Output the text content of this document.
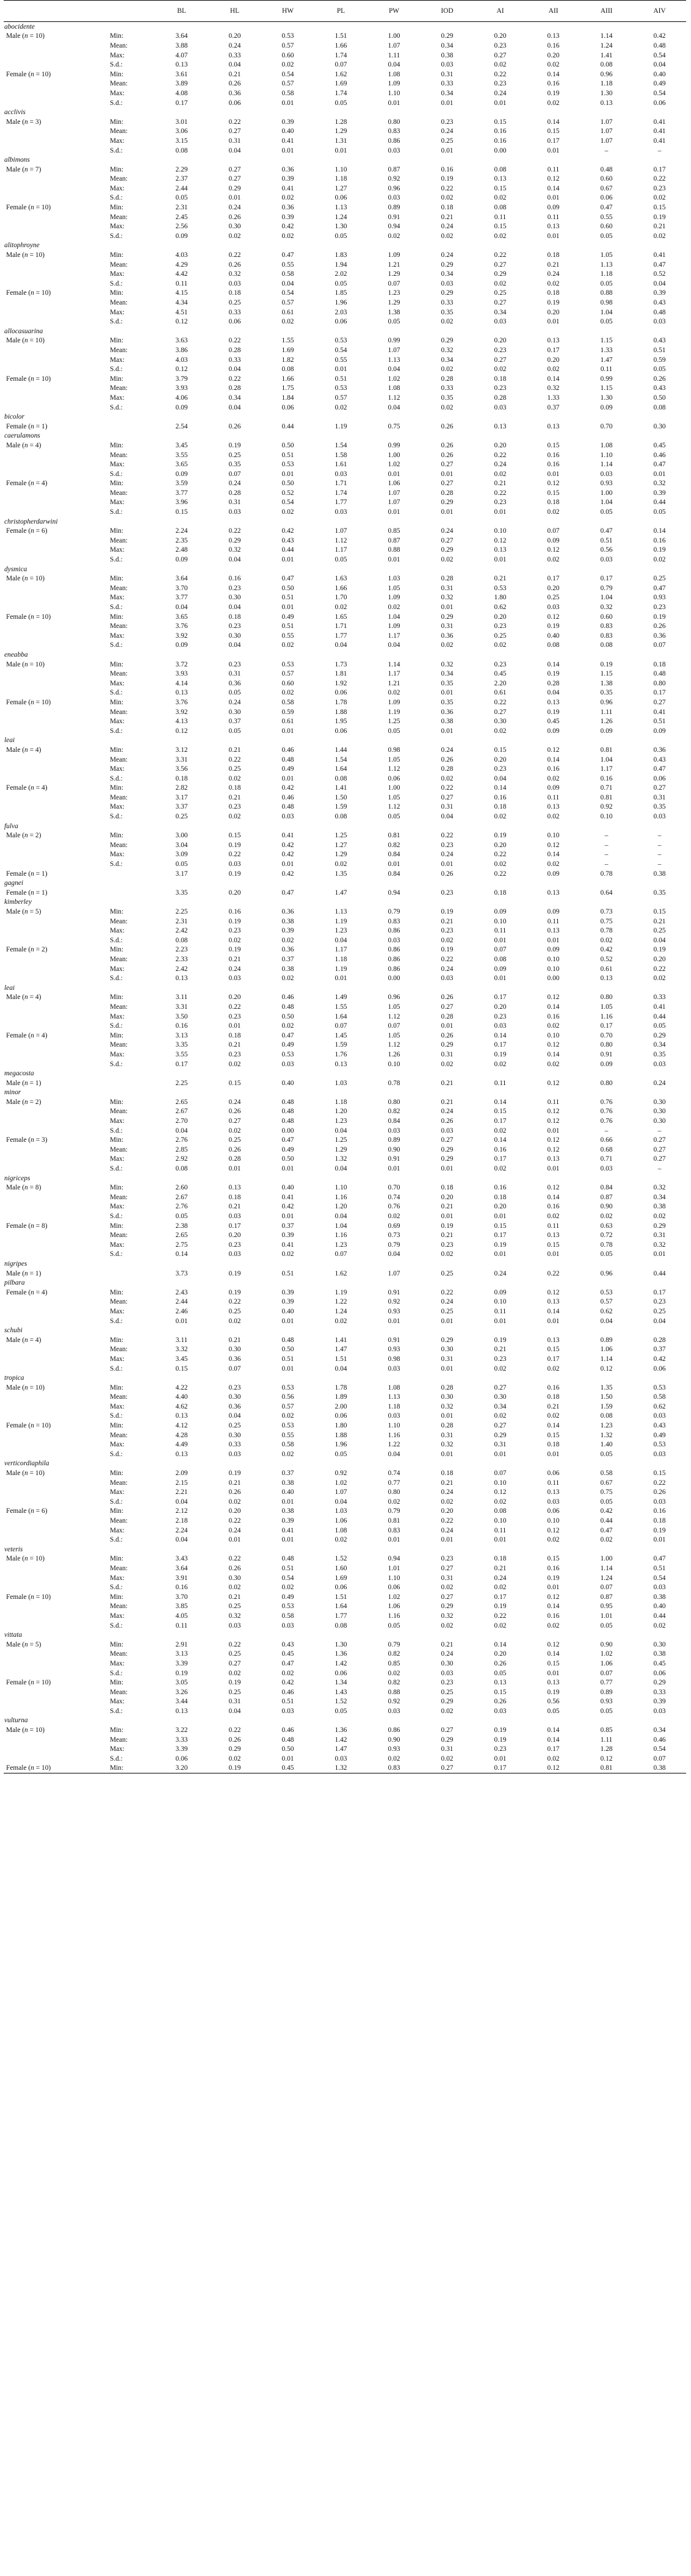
		BL	HL	HW	PL	PW	IOD	AI	AII	AIII	AIV
abocidente											
Male (n = 10)	Min:	3.64	0.20	0.53	1.51	1.00	0.29	0.20	0.13	1.14	0.42
	Mean:	3.88	0.24	0.57	1.66	1.07	0.34	0.23	0.16	1.24	0.48
	Max:	4.07	0.33	0.60	1.74	1.11	0.38	0.27	0.20	1.41	0.54
	S.d.:	0.13	0.04	0.02	0.07	0.04	0.03	0.02	0.02	0.08	0.04
Female (n = 10)	Min:	3.61	0.21	0.54	1.62	1.08	0.31	0.22	0.14	0.96	0.40
	Mean:	3.89	0.26	0.57	1.69	1.09	0.33	0.23	0.16	1.18	0.49
	Max:	4.08	0.36	0.58	1.74	1.10	0.34	0.24	0.19	1.30	0.54
	S.d.:	0.17	0.06	0.01	0.05	0.01	0.01	0.01	0.02	0.13	0.06
acclivis											
Male (n = 3)	Min:	3.01	0.22	0.39	1.28	0.80	0.23	0.15	0.14	1.07	0.41
	Mean:	3.06	0.27	0.40	1.29	0.83	0.24	0.16	0.15	1.07	0.41
	Max:	3.15	0.31	0.41	1.31	0.86	0.25	0.16	0.17	1.07	0.41
	S.d.:	0.08	0.04	0.01	0.01	0.03	0.01	0.00	0.01	–	–
albimons											
Male (n = 7)	Min:	2.29	0.27	0.36	1.10	0.87	0.16	0.08	0.11	0.48	0.17
	Mean:	2.37	0.27	0.39	1.18	0.92	0.19	0.13	0.12	0.60	0.22
	Max:	2.44	0.29	0.41	1.27	0.96	0.22	0.15	0.14	0.67	0.23
	S.d.:	0.05	0.01	0.02	0.06	0.03	0.02	0.02	0.01	0.06	0.02
Female (n = 10)	Min:	2.31	0.24	0.36	1.13	0.89	0.18	0.08	0.09	0.47	0.15
	Mean:	2.45	0.26	0.39	1.24	0.91	0.21	0.11	0.11	0.55	0.19
	Max:	2.56	0.30	0.42	1.30	0.94	0.24	0.15	0.13	0.60	0.21
	S.d.:	0.09	0.02	0.02	0.05	0.02	0.02	0.02	0.01	0.05	0.02
alitophroyne											
Male (n = 10)	Min:	4.03	0.22	0.47	1.83	1.09	0.24	0.22	0.18	1.05	0.41
	Mean:	4.29	0.26	0.55	1.94	1.21	0.29	0.27	0.21	1.13	0.47
	Max:	4.42	0.32	0.58	2.02	1.29	0.34	0.29	0.24	1.18	0.52
	S.d.:	0.11	0.03	0.04	0.05	0.07	0.03	0.02	0.02	0.05	0.04
Female (n = 10)	Min:	4.15	0.18	0.54	1.85	1.23	0.29	0.25	0.18	0.88	0.39
	Mean:	4.34	0.25	0.57	1.96	1.29	0.33	0.27	0.19	0.98	0.43
	Max:	4.51	0.33	0.61	2.03	1.38	0.35	0.34	0.20	1.04	0.48
	S.d.:	0.12	0.06	0.02	0.06	0.05	0.02	0.03	0.01	0.05	0.03
allocasuarina											
Male (n = 10)	Min:	3.63	0.22	1.55	0.53	0.99	0.29	0.20	0.13	1.15	0.43
	Mean:	3.86	0.28	1.69	0.54	1.07	0.32	0.23	0.17	1.33	0.51
	Max:	4.03	0.33	1.82	0.55	1.13	0.34	0.27	0.20	1.47	0.59
	S.d.:	0.12	0.04	0.08	0.01	0.04	0.02	0.02	0.02	0.11	0.05
Female (n = 10)	Min:	3.79	0.22	1.66	0.51	1.02	0.28	0.18	0.14	0.99	0.26
	Mean:	3.93	0.28	1.75	0.53	1.08	0.33	0.23	0.32	1.15	0.43
	Max:	4.06	0.34	1.84	0.57	1.12	0.35	0.28	1.33	1.30	0.50
	S.d.:	0.09	0.04	0.06	0.02	0.04	0.02	0.03	0.37	0.09	0.08
bicolor											
Female (n = 1)		2.54	0.26	0.44	1.19	0.75	0.26	0.13	0.13	0.70	0.30
caerulamons											
Male (n = 4)	Min:	3.45	0.19	0.50	1.54	0.99	0.26	0.20	0.15	1.08	0.45
	Mean:	3.55	0.25	0.51	1.58	1.00	0.26	0.22	0.16	1.10	0.46
	Max:	3.65	0.35	0.53	1.61	1.02	0.27	0.24	0.16	1.14	0.47
	S.d.:	0.09	0.07	0.01	0.03	0.01	0.01	0.02	0.01	0.03	0.01
Female (n = 4)	Min:	3.59	0.24	0.50	1.71	1.06	0.27	0.21	0.12	0.93	0.32
	Mean:	3.77	0.28	0.52	1.74	1.07	0.28	0.22	0.15	1.00	0.39
	Max:	3.96	0.31	0.54	1.77	1.07	0.29	0.23	0.18	1.04	0.44
	S.d.:	0.15	0.03	0.02	0.03	0.01	0.01	0.01	0.02	0.05	0.05
christopherdarwini											
Female (n = 6)	Min:	2.24	0.22	0.42	1.07	0.85	0.24	0.10	0.07	0.47	0.14
	Mean:	2.35	0.29	0.43	1.12	0.87	0.27	0.12	0.09	0.51	0.16
	Max:	2.48	0.32	0.44	1.17	0.88	0.29	0.13	0.12	0.56	0.19
	S.d.:	0.09	0.04	0.01	0.05	0.01	0.02	0.01	0.02	0.03	0.02
dysmica											
Male (n = 10)	Min:	3.64	0.16	0.47	1.63	1.03	0.28	0.21	0.17	0.17	0.25
	Mean:	3.70	0.23	0.50	1.66	1.05	0.31	0.53	0.20	0.79	0.47
	Max:	3.77	0.30	0.51	1.70	1.09	0.32	1.80	0.25	1.04	0.93
	S.d.:	0.04	0.04	0.01	0.02	0.02	0.01	0.62	0.03	0.32	0.23
Female (n = 10)	Min:	3.65	0.18	0.49	1.65	1.04	0.29	0.20	0.12	0.60	0.19
	Mean:	3.76	0.23	0.51	1.71	1.09	0.31	0.23	0.19	0.83	0.26
	Max:	3.92	0.30	0.55	1.77	1.17	0.36	0.25	0.40	0.83	0.36
	S.d.:	0.09	0.04	0.02	0.04	0.04	0.02	0.02	0.08	0.08	0.07
eneabba											
Male (n = 10)	Min:	3.72	0.23	0.53	1.73	1.14	0.32	0.23	0.14	0.19	0.18
	Mean:	3.93	0.31	0.57	1.81	1.17	0.34	0.45	0.19	1.15	0.48
	Max:	4.14	0.36	0.60	1.92	1.21	0.35	2.20	0.28	1.38	0.80
	S.d.:	0.13	0.05	0.02	0.06	0.02	0.01	0.61	0.04	0.35	0.17
Female (n = 10)	Min:	3.76	0.24	0.58	1.78	1.09	0.35	0.22	0.13	0.96	0.27
	Mean:	3.92	0.30	0.59	1.88	1.19	0.36	0.27	0.19	1.11	0.41
	Max:	4.13	0.37	0.61	1.95	1.25	0.38	0.30	0.45	1.26	0.51
	S.d.:	0.12	0.05	0.01	0.06	0.05	0.01	0.02	0.09	0.09	0.09
leai											
Male (n = 4)	Min:	3.12	0.21	0.46	1.44	0.98	0.24	0.15	0.12	0.81	0.36
	Mean:	3.31	0.22	0.48	1.54	1.05	0.26	0.20	0.14	1.04	0.43
	Max:	3.56	0.25	0.49	1.64	1.12	0.28	0.23	0.16	1.17	0.47
	S.d.:	0.18	0.02	0.01	0.08	0.06	0.02	0.04	0.02	0.16	0.06
Female (n = 4)	Min:	2.82	0.18	0.42	1.41	1.00	0.22	0.14	0.09	0.71	0.27
	Mean:	3.17	0.21	0.46	1.50	1.05	0.27	0.16	0.11	0.81	0.31
	Max:	3.37	0.23	0.48	1.59	1.12	0.31	0.18	0.13	0.92	0.35
	S.d.:	0.25	0.02	0.03	0.08	0.05	0.04	0.02	0.02	0.10	0.03
fulva											
Male (n = 2)	Min:	3.00	0.15	0.41	1.25	0.81	0.22	0.19	0.10	–	–
	Mean:	3.04	0.19	0.42	1.27	0.82	0.23	0.20	0.12	–	–
	Max:	3.09	0.22	0.42	1.29	0.84	0.24	0.22	0.14	–	–
	S.d.:	0.05	0.03	0.01	0.02	0.01	0.01	0.02	0.02	–	–
Female (n = 1)		3.17	0.19	0.42	1.35	0.84	0.26	0.22	0.09	0.78	0.38
gagnei											
Female (n = 1)		3.35	0.20	0.47	1.47	0.94	0.23	0.18	0.13	0.64	0.35
kimberley											
Male (n = 5)	Min:	2.25	0.16	0.36	1.13	0.79	0.19	0.09	0.09	0.73	0.15
	Mean:	2.31	0.19	0.38	1.19	0.83	0.21	0.10	0.11	0.75	0.21
	Max:	2.42	0.23	0.39	1.23	0.86	0.23	0.11	0.13	0.78	0.25
	S.d.:	0.08	0.02	0.02	0.04	0.03	0.02	0.01	0.01	0.02	0.04
Female (n = 2)	Min:	2.23	0.19	0.36	1.17	0.86	0.19	0.07	0.09	0.42	0.19
	Mean:	2.33	0.21	0.37	1.18	0.86	0.22	0.08	0.10	0.52	0.20
	Max:	2.42	0.24	0.38	1.19	0.86	0.24	0.09	0.10	0.61	0.22
	S.d.:	0.13	0.03	0.02	0.01	0.00	0.03	0.01	0.00	0.13	0.02
leai											
Male (n = 4)	Min:	3.11	0.20	0.46	1.49	0.96	0.26	0.17	0.12	0.80	0.33
	Mean:	3.31	0.22	0.48	1.55	1.05	0.27	0.20	0.14	1.05	0.41
	Max:	3.50	0.23	0.50	1.64	1.12	0.28	0.23	0.16	1.16	0.44
	S.d.:	0.16	0.01	0.02	0.07	0.07	0.01	0.03	0.02	0.17	0.05
Female (n = 4)	Min:	3.13	0.18	0.47	1.45	1.05	0.26	0.14	0.10	0.70	0.29
	Mean:	3.35	0.21	0.49	1.59	1.12	0.29	0.17	0.12	0.80	0.34
	Max:	3.55	0.23	0.53	1.76	1.26	0.31	0.19	0.14	0.91	0.35
	S.d.:	0.17	0.02	0.03	0.13	0.10	0.02	0.02	0.02	0.09	0.03
megacosta											
Male (n = 1)		2.25	0.15	0.40	1.03	0.78	0.21	0.11	0.12	0.80	0.24
minor											
Male (n = 2)	Min:	2.65	0.24	0.48	1.18	0.80	0.21	0.14	0.11	0.76	0.30
	Mean:	2.67	0.26	0.48	1.20	0.82	0.24	0.15	0.12	0.76	0.30
	Max:	2.70	0.27	0.48	1.23	0.84	0.26	0.17	0.12	0.76	0.30
	S.d.:	0.04	0.02	0.00	0.04	0.03	0.03	0.02	0.01	–	–
Female (n = 3)	Min:	2.76	0.25	0.47	1.25	0.89	0.27	0.14	0.12	0.66	0.27
	Mean:	2.85	0.26	0.49	1.29	0.90	0.29	0.16	0.12	0.68	0.27
	Max:	2.92	0.28	0.50	1.32	0.91	0.29	0.17	0.13	0.71	0.27
	S.d.:	0.08	0.01	0.01	0.04	0.01	0.01	0.02	0.01	0.03	–
nigriceps											
Male (n = 8)	Min:	2.60	0.13	0.40	1.10	0.70	0.18	0.16	0.12	0.84	0.32
	Mean:	2.67	0.18	0.41	1.16	0.74	0.20	0.18	0.14	0.87	0.34
	Max:	2.76	0.21	0.42	1.20	0.76	0.21	0.20	0.16	0.90	0.38
	S.d.:	0.05	0.03	0.01	0.04	0.02	0.01	0.01	0.02	0.02	0.02
Female (n = 8)	Min:	2.38	0.17	0.37	1.04	0.69	0.19	0.15	0.11	0.63	0.29
	Mean:	2.65	0.20	0.39	1.16	0.73	0.21	0.17	0.13	0.72	0.31
	Max:	2.75	0.23	0.41	1.23	0.79	0.23	0.19	0.15	0.78	0.32
	S.d.:	0.14	0.03	0.02	0.07	0.04	0.02	0.01	0.01	0.05	0.01
nigripes											
Male (n = 1)		3.73	0.19	0.51	1.62	1.07	0.25	0.24	0.22	0.96	0.44
pilbara											
Female (n = 4)	Min:	2.43	0.19	0.39	1.19	0.91	0.22	0.09	0.12	0.53	0.17
	Mean:	2.44	0.22	0.39	1.22	0.92	0.24	0.10	0.13	0.57	0.23
	Max:	2.46	0.25	0.40	1.24	0.93	0.25	0.11	0.14	0.62	0.25
	S.d.:	0.01	0.02	0.01	0.02	0.01	0.01	0.01	0.01	0.04	0.04
schubi											
Male (n = 4)	Min:	3.11	0.21	0.48	1.41	0.91	0.29	0.19	0.13	0.89	0.28
	Mean:	3.32	0.30	0.50	1.47	0.93	0.30	0.21	0.15	1.06	0.37
	Max:	3.45	0.36	0.51	1.51	0.98	0.31	0.23	0.17	1.14	0.42
	S.d.:	0.15	0.07	0.01	0.04	0.03	0.01	0.02	0.02	0.12	0.06
tropica											
Male (n = 10)	Min:	4.22	0.23	0.53	1.78	1.08	0.28	0.27	0.16	1.35	0.53
	Mean:	4.40	0.30	0.56	1.89	1.13	0.30	0.30	0.18	1.50	0.58
	Max:	4.62	0.36	0.57	2.00	1.18	0.32	0.34	0.21	1.59	0.62
	S.d.:	0.13	0.04	0.02	0.06	0.03	0.01	0.02	0.02	0.08	0.03
Female (n = 10)	Min:	4.12	0.25	0.53	1.80	1.10	0.28	0.27	0.14	1.23	0.43
	Mean:	4.28	0.30	0.55	1.88	1.16	0.31	0.29	0.15	1.32	0.49
	Max:	4.49	0.33	0.58	1.96	1.22	0.32	0.31	0.18	1.40	0.53
	S.d.:	0.13	0.03	0.02	0.05	0.04	0.01	0.01	0.01	0.05	0.03
verticordiaphila											
Male (n = 10)	Min:	2.09	0.19	0.37	0.92	0.74	0.18	0.07	0.06	0.58	0.15
	Mean:	2.15	0.21	0.38	1.02	0.77	0.21	0.10	0.11	0.67	0.22
	Max:	2.21	0.26	0.40	1.07	0.80	0.24	0.12	0.13	0.75	0.26
	S.d.:	0.04	0.02	0.01	0.04	0.02	0.02	0.02	0.03	0.05	0.03
Female (n = 6)	Min:	2.12	0.20	0.38	1.03	0.79	0.20	0.08	0.06	0.42	0.16
	Mean:	2.18	0.22	0.39	1.06	0.81	0.22	0.10	0.10	0.44	0.18
	Max:	2.24	0.24	0.41	1.08	0.83	0.24	0.11	0.12	0.47	0.19
	S.d.:	0.04	0.01	0.01	0.02	0.01	0.01	0.01	0.02	0.02	0.01
veteris											
Male (n = 10)	Min:	3.43	0.22	0.48	1.52	0.94	0.23	0.18	0.15	1.00	0.47
	Mean:	3.64	0.26	0.51	1.60	1.01	0.27	0.21	0.16	1.14	0.51
	Max:	3.91	0.30	0.54	1.69	1.10	0.31	0.24	0.19	1.24	0.54
	S.d.:	0.16	0.02	0.02	0.06	0.06	0.02	0.02	0.01	0.07	0.03
Female (n = 10)	Min:	3.70	0.21	0.49	1.51	1.02	0.27	0.17	0.12	0.87	0.38
	Mean:	3.85	0.25	0.53	1.64	1.06	0.29	0.19	0.14	0.95	0.40
	Max:	4.05	0.32	0.58	1.77	1.16	0.32	0.22	0.16	1.01	0.44
	S.d.:	0.11	0.03	0.03	0.08	0.05	0.02	0.02	0.02	0.05	0.02
vittata											
Male (n = 5)	Min:	2.91	0.22	0.43	1.30	0.79	0.21	0.14	0.12	0.90	0.30
	Mean:	3.13	0.25	0.45	1.36	0.82	0.24	0.20	0.14	1.02	0.38
	Max:	3.39	0.27	0.47	1.42	0.85	0.30	0.26	0.15	1.06	0.45
	S.d.:	0.19	0.02	0.02	0.06	0.02	0.03	0.05	0.01	0.07	0.06
Female (n = 10)	Min:	3.05	0.19	0.42	1.34	0.82	0.23	0.13	0.13	0.77	0.29
	Mean:	3.26	0.25	0.46	1.43	0.88	0.25	0.15	0.19	0.89	0.33
	Max:	3.44	0.31	0.51	1.52	0.92	0.29	0.26	0.56	0.93	0.39
	S.d.:	0.13	0.04	0.03	0.05	0.03	0.02	0.03	0.05	0.05	0.03
vulturna											
Male (n = 10)	Min:	3.22	0.22	0.46	1.36	0.86	0.27	0.19	0.14	0.85	0.34
	Mean:	3.33	0.26	0.48	1.42	0.90	0.29	0.19	0.14	1.11	0.46
	Max:	3.39	0.29	0.50	1.47	0.93	0.31	0.23	0.17	1.28	0.54
	S.d.:	0.06	0.02	0.01	0.03	0.02	0.02	0.01	0.02	0.12	0.07
Female (n = 10)	Min:	3.20	0.19	0.45	1.32	0.83	0.27	0.17	0.12	0.81	0.38
